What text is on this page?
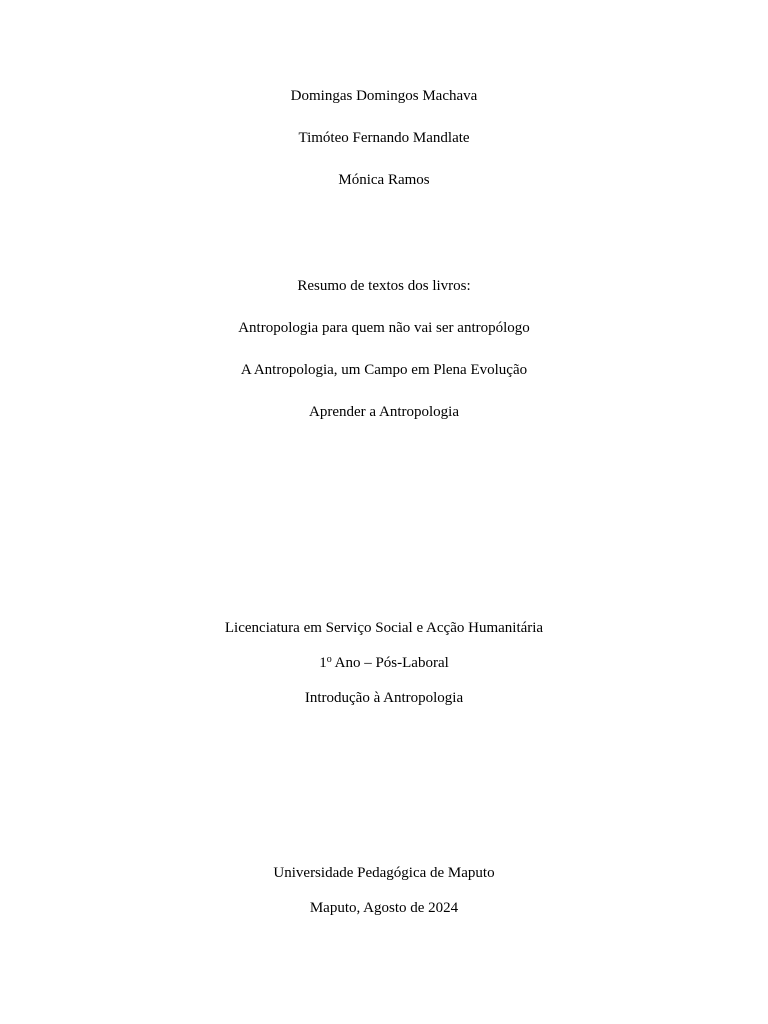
Domingas Domingos Machava
Timóteo Fernando Mandlate
Mónica Ramos
Resumo de textos dos livros:
Antropologia para quem não vai ser antropólogo
A Antropologia, um Campo em Plena Evolução
Aprender a Antropologia
Licenciatura em Serviço Social e Acção Humanitária
1$^o$ Ano – Pós-Laboral
Introdução à Antropologia
Universidade Pedagógica de Maputo
Maputo, Agosto de 2024
